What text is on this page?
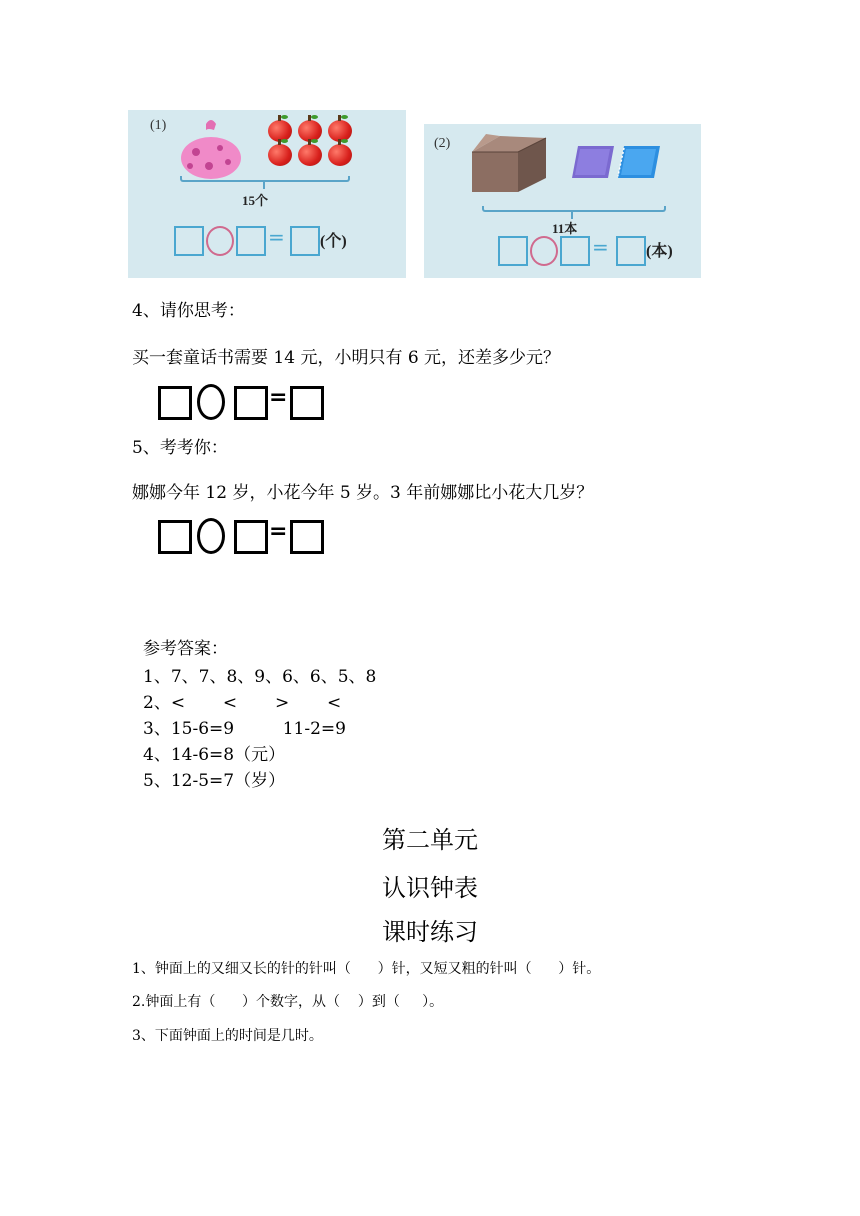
(1)
15个
= (个)
(2)
11本
= (本)
4、请你思考：
买一套童话书需要 14 元，小明只有 6 元，还差多少元？
=
5、考考你：
娜娜今年 12 岁，小花今年 5 岁。3 年前娜娜比小花大几岁？
=
参考答案：
1、7、7、8、9、6、6、5、8
2、<       <       >       <
3、15-6=9         11-2=9
4、14-6=8（元）
5、12-5=7（岁）
第二单元
认识钟表
课时练习
1、钟面上的又细又长的针的针叫（      ）针，又短又粗的针叫（      ）针。
2.钟面上有（      ）个数字，从（    ）到（     ）。
3、下面钟面上的时间是几时。
